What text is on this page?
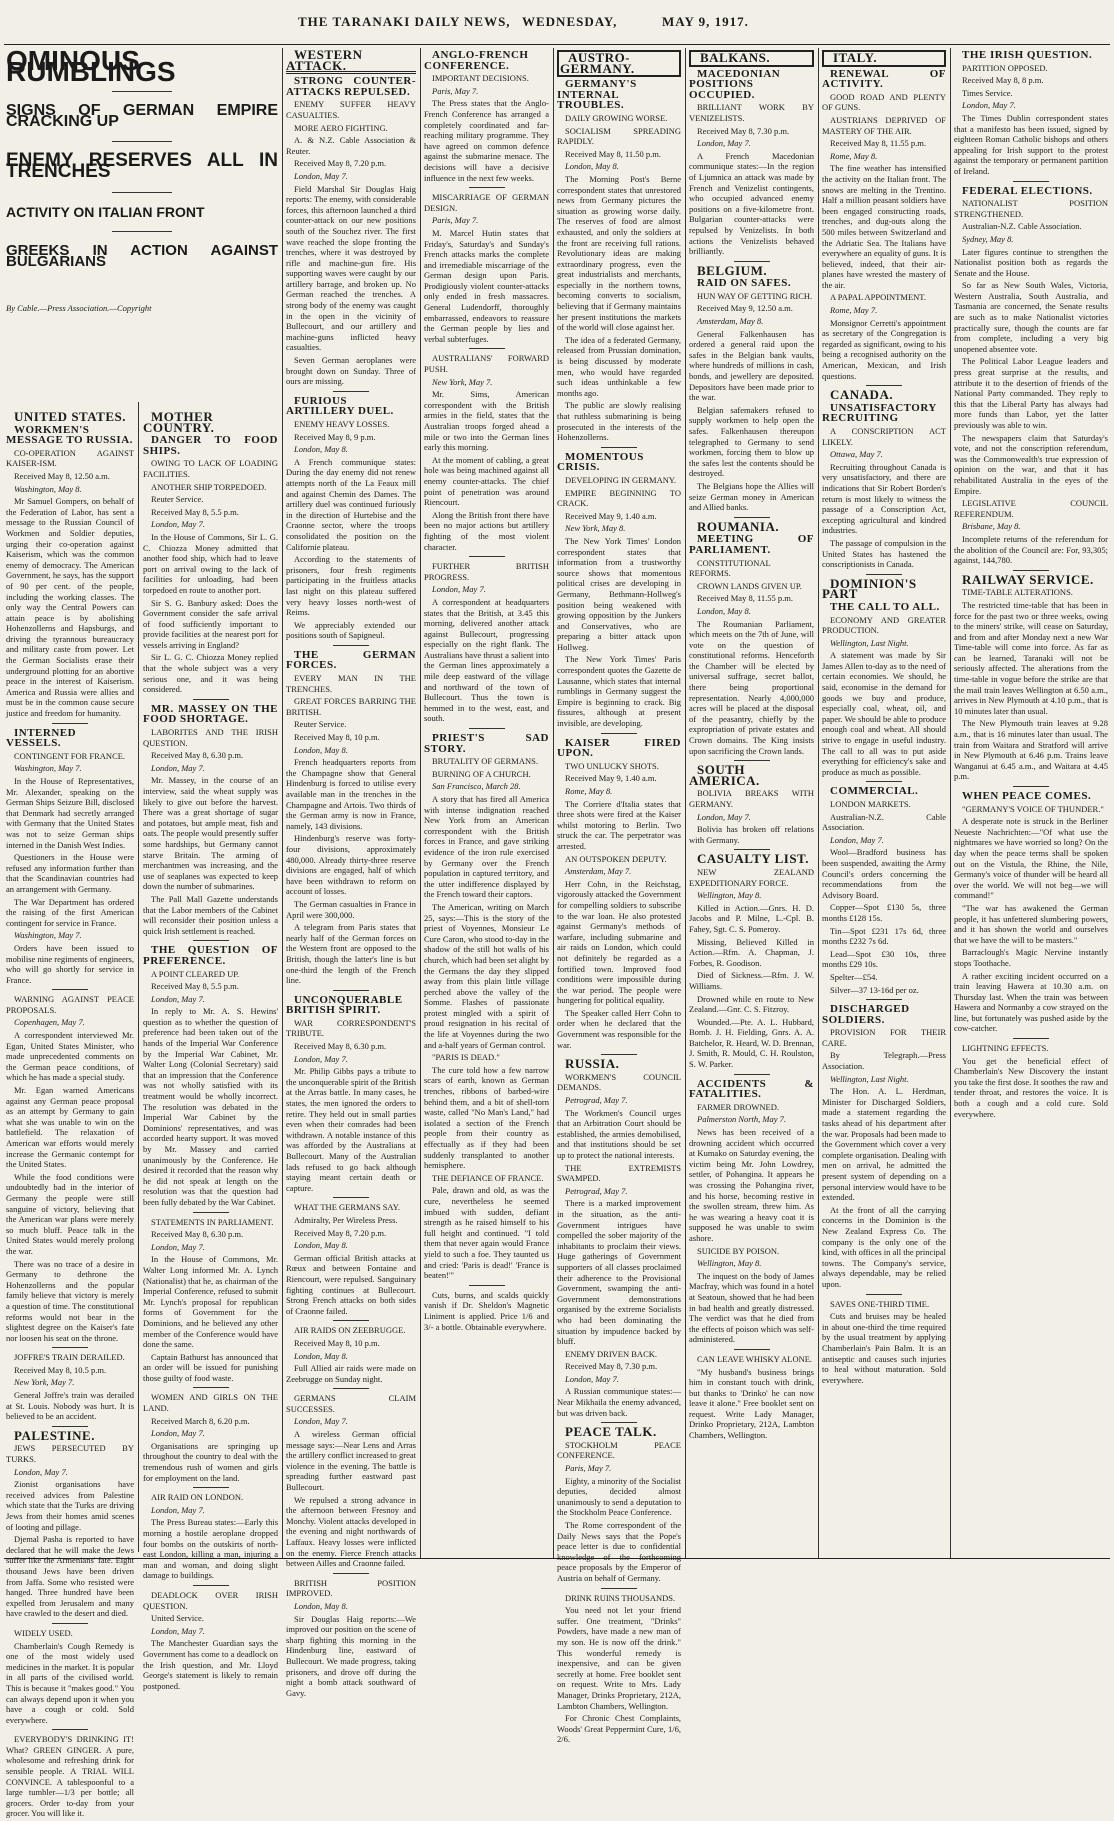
THE TARANAKI DAILY NEWS, WEDNESDAY,	MAY 9, 1917.

OMINOUS RUMBLINGS

SIGNS OF GERMAN EMPIRE CRACKING UP

ENEMY RESERVES ALL IN TRENCHES

ACTIVITY ON ITALIAN FRONT

GREEKS IN ACTION AGAINST BULGARIANS

By Cable.—Press Association.—Copyright

UNITED STATES.

WORKMEN'S MESSAGE TO RUSSIA.

CO-OPERATION AGAINST KAISER-ISM.

Received May 8, 12.50 a.m.

Washington, May 8.

Mr Samuel Gompers, on behalf of the Federation of Labor, has sent a message to the Russian Council of Workmen and Soldier deputies, urging their co-operation against Kaiserism, which was the common enemy of democracy. The American Government, he says, has the support of 90 per cent. of the people, including the working classes. The only way the Central Powers can attain peace is by abolishing Hohenzollerns and Hapsburgs, and driving the tyrannous bureaucracy and military caste from power. Let the German Socialists erase their underground plotting for an abortive peace in the interest of Kaiserism. America and Russia were allies and must be in the common cause secure justice and freedom for humanity.

INTERNED VESSELS.

CONTINGENT FOR FRANCE.

Washington, May 7.

In the House of Representatives, Mr. Alexander, speaking on the German Ships Seizure Bill, disclosed that Denmark had secretly arranged with Germany that the United States was not to seize German ships interned in the Danish West Indies.

Questioners in the House were refused any information further than that the Scandinavian countries had an arrangement with Germany.

The War Department has ordered the raising of the first American contingent for service in France.

Washington, May 7.

Orders have been issued to mobilise nine regiments of engineers, who will go shortly for service in France.

WARNING AGAINST PEACE PROPOSALS.

Copenhagen, May 7.

A correspondent interviewed Mr. Egan, United States Minister, who made unprecedented comments on the German peace conditions, of which he has made a special study.

Mr. Egan warned Americans against any German peace proposal as an attempt by Germany to gain what she was unable to win on the battlefield. The relaxation of American war efforts would merely increase the Germanic contempt for the United States.

While the food conditions were undoubtedly bad in the interior of Germany the people were still sanguine of victory, believing that the American war plans were merely so much bluff. Peace talk in the United States would merely prolong the war.

There was no trace of a desire in Germany to dethrone the Hohenzollerns and the popular family believe that victory is merely a question of time. The constitutional reforms would not bear in the slightest degree on the Kaiser's fate nor loosen his seat on the throne.

JOFFRE'S TRAIN DERAILED.

Received May 8, 10.5 p.m.

New York, May 7.

General Joffre's train was derailed at St. Louis. Nobody was hurt. It is believed to be an accident.

PALESTINE.

JEWS PERSECUTED BY TURKS.

London, May 7.

Zionist organisations have received advices from Palestine which state that the Turks are driving Jews from their homes amid scenes of looting and pillage.

Djemal Pasha is reported to have declared that he will make the Jews suffer like the Armenians' fate. Eight thousand Jews have been driven from Jaffa. Some who resisted were hanged. Three hundred have been expelled from Jerusalem and many have crawled to the desert and died.

WIDELY USED.

Chamberlain's Cough Remedy is one of the most widely used medicines in the market. It is popular in all parts of the civilised world. This is because it "makes good." You can always depend upon it when you have a cough or cold. Sold everywhere.

EVERYBODY'S DRINKING IT! What? GREEN GINGER. A pure, wholesome and refreshing drink for sensible people. A TRIAL WILL CONVINCE. A tablespoonful to a large tumbler—1/3 per bottle; all grocers. Order to-day from your grocer. You will like it.

MOTHER COUNTRY.

DANGER TO FOOD SHIPS.

OWING TO LACK OF LOADING FACILITIES.

ANOTHER SHIP TORPEDOED.

Reuter Service.

Received May 8, 5.5 p.m.

London, May 7.

In the House of Commons, Sir L. G. C. Chiozza Money admitted that another food ship, which had to leave port on arrival owing to the lack of facilities for unloading, had been torpedoed en route to another port.

Sir S. G. Banbury asked: Does the Government consider the safe arrival of food sufficiently important to provide facilities at the nearest port for vessels arriving in England?

Sir L. G. C. Chiozza Money replied that the whole subject was a very serious one, and it was being considered.

MR. MASSEY ON THE FOOD SHORTAGE.

LABORITES AND THE IRISH QUESTION.

Received May 8, 6.30 p.m.

London, May 7.

Mr. Massey, in the course of an interview, said the wheat supply was likely to give out before the harvest. There was a great shortage of sugar and potatoes, but ample meat, fish and oats. The people would presently suffer some hardships, but Germany cannot starve Britain. The arming of merchantmen was increasing, and the use of seaplanes was expected to keep down the number of submarines.

The Pall Mall Gazette understands that the Labor members of the Cabinet will reconsider their position unless a quick Irish settlement is reached.

THE QUESTION OF PREFERENCE.

A POINT CLEARED UP.

Received May 8, 5.5 p.m.

London, May 7.

In reply to Mr. A. S. Hewins' question as to whether the question of preference had been taken out of the hands of the Imperial War Conference by the Imperial War Cabinet, Mr. Walter Long (Colonial Secretary) said that an impression that the Conference was not wholly satisfied with its treatment would be wholly incorrect. The resolution was debated in the Imperial War Cabinet by the Dominions' representatives, and was accorded hearty support. It was moved by Mr. Massey and carried unanimously by the Conference. He desired it recorded that the reason why he did not speak at length on the resolution was that the question had been fully debated by the War Cabinet.

STATEMENTS IN PARLIAMENT.

Received May 8, 6.30 p.m.

London, May 7.

In the House of Commons, Mr. Walter Long informed Mr. A. Lynch (Nationalist) that he, as chairman of the Imperial Conference, refused to submit Mr. Lynch's proposal for republican forms of Government for the Dominions, and he believed any other member of the Conference would have done the same.

Captain Bathurst has announced that an order will be issued for punishing those guilty of food waste.

WOMEN AND GIRLS ON THE LAND.

Received March 8, 6.20 p.m.

London, May 7.

Organisations are springing up throughout the country to deal with the tremendous rush of women and girls for employment on the land.

AIR RAID ON LONDON.

London, May 7.

The Press Bureau states:—Early this morning a hostile aeroplane dropped four bombs on the outskirts of north-east London, killing a man, injuring a man and woman, and doing slight damage to buildings.

DEADLOCK OVER IRISH QUESTION.

United Service.

London, May 7.

The Manchester Guardian says the Government has come to a deadlock on the Irish question, and Mr. Lloyd George's statement is likely to remain postponed.

WESTERN ATTACK.

STRONG COUNTER-ATTACKS REPULSED.

ENEMY SUFFER HEAVY CASUALTIES.

MORE AERO FIGHTING.

A. & N.Z. Cable Association & Reuter.

Received May 8, 7.20 p.m.

London, May 7.

Field Marshal Sir Douglas Haig reports: The enemy, with considerable forces, this afternoon launched a third counter-attack on our new positions south of the Souchez river. The first wave reached the slope fronting the trenches, where it was destroyed by rifle and machine-gun fire. His supporting waves were caught by our artillery barrage, and broken up. No German reached the trenches. A strong body of the enemy was caught in the open in the vicinity of Bullecourt, and our artillery and machine-guns inflicted heavy casualties.

Seven German aeroplanes were brought down on Sunday. Three of ours are missing.

FURIOUS ARTILLERY DUEL.

ENEMY HEAVY LOSSES.

Received May 8, 9 p.m.

London, May 8.

A French communique states: During the day enemy did not renew attempts north of the La Feaux mill and against Chemin des Dames. The artillery duel was continued furiously in the direction of Hurtebise and the Craonne sector, where the troops consolidated the position on the Californie plateau.

According to the statements of prisoners, four fresh regiments participating in the fruitless attacks last night on this plateau suffered very heavy losses north-west of Reims.

We appreciably extended our positions south of Sapigneul.

THE GERMAN FORCES.

EVERY MAN IN THE TRENCHES.

GREAT FORCES BARRING THE BRITISH.

Reuter Service.

Received May 8, 10 p.m.

London, May 8.

French headquarters reports from the Champagne show that General Hindenburg is forced to utilise every available man in the trenches in the Champagne and Artois. Two thirds of the German army is now in France, namely, 143 divisions.

Hindenburg's reserve was forty-four divisions, approximately 480,000. Already thirty-three reserve divisions are engaged, half of which have been withdrawn to reform on account of losses.

The German casualties in France in April were 300,000.

A telegram from Paris states that nearly half of the German forces on the Western front are opposed to the British, though the latter's line is but one-third the length of the French line.

UNCONQUERABLE BRITISH SPIRIT.

WAR CORRESPONDENT'S TRIBUTE.

Received May 8, 6.30 p.m.

London, May 7.

Mr. Philip Gibbs pays a tribute to the unconquerable spirit of the British at the Arras battle. In many cases, he states, the men ignored the orders to retire. They held out in small parties even when their comrades had been withdrawn. A notable instance of this was afforded by the Australians at Bullecourt. Many of the Australian lads refused to go back although staying meant certain death or capture.

WHAT THE GERMANS SAY.

Admiralty, Per Wireless Press.

Received May 8, 7.20 p.m.

London, May 8.

German official British attacks at Rœux and between Fontaine and Riencourt, were repulsed. Sanguinary fighting continues at Bullecourt. Strong French attacks on both sides of Craonne failed.

AIR RAIDS ON ZEEBRUGGE.

Received May 8, 10 p.m.

London, May 8.

Full Allied air raids were made on Zeebrugge on Sunday night.

GERMANS CLAIM SUCCESSES.

London, May 7.

A wireless German official message says:—Near Lens and Arras the artillery conflict increased to great violence in the evening. The battle is spreading further eastward past Bullecourt.

We repulsed a strong advance in the afternoon between Fresnoy and Monchy. Violent attacks developed in the evening and night northwards of Laffaux. Heavy losses were inflicted on the enemy. Fierce French attacks between Ailles and Craonne failed.

BRITISH POSITION IMPROVED.

London, May 8.

Sir Douglas Haig reports:—We improved our position on the scene of sharp fighting this morning in the Hindenburg line, eastward of Bullecourt. We made progress, taking prisoners, and drove off during the night a bomb attack southward of Gavy.

ANGLO-FRENCH CONFERENCE.

IMPORTANT DECISIONS.

Paris, May 7.

The Press states that the Anglo-French Conference has arranged a completely coordinated and far-reaching military programme. They have agreed on common defence against the submarine menace. The decisions will have a decisive influence in the next few weeks.

MISCARRIAGE OF GERMAN DESIGN.

Paris, May 7.

M. Marcel Hutin states that Friday's, Saturday's and Sunday's French attacks marks the complete and irremediable miscarriage of the German design upon Paris. Prodigiously violent counter-attacks only ended in fresh massacres. General Ludendorff, thoroughly embarrassed, endeavors to reassure the German people by lies and verbal subterfuges.

AUSTRALIANS' FORWARD PUSH.

New York, May 7.

Mr. Sims, American correspondent with the British armies in the field, states that the Australian troops forged ahead a mile or two into the German lines early this morning.

At the moment of cabling, a great hole was being machined against all enemy counter-attacks. The chief point of penetration was around Riencourt.

Along the British front there have been no major actions but artillery fighting of the most violent character.

FURTHER BRITISH PROGRESS.

London, May 7.

A correspondent at headquarters states that the British, at 3.45 this morning, delivered another attack against Bullecourt, progressing especially on the right flank. The Australians have thrust a salient into the German lines approximately a mile deep eastward of the village and northward of the town of Bullecourt. Thus the town is hemmed in to the west, east, and south.

PRIEST'S SAD STORY.

BRUTALITY OF GERMANS.

BURNING OF A CHURCH.

San Francisco, March 28.

A story that has fired all America with intense indignation reached New York from an American correspondent with the British forces in France, and gave striking evidence of the iron rule exercised by Germany over the French population in captured territory, and the utter indifference displayed by the French toward their captors.

The American, writing on March 25, says:—This is the story of the priest of Voyennes, Monsieur Le Cure Caron, who stood to-day in the shadow of the still hot walls of his church, which had been set alight by the Germans the day they slipped away from this plain little village perched above the valley of the Somme. Flashes of passionate protest mingled with a spirit of proud resignation in his recital of the life at Voyennes during the two and a-half years of German control.

"PARIS IS DEAD."

The cure told how a few narrow scars of earth, known as German trenches, ribbons of barbed-wire behind them, and a bit of shell-torn waste, called "No Man's Land," had isolated a section of the French people from their country as effectually as if they had been suddenly transplanted to another hemisphere.

THE DEFIANCE OF FRANCE.

Pale, drawn and old, as was the cure, nevertheless he seemed imbued with sudden, defiant strength as he raised himself to his full height and continued. "I told them that never again would France yield to such a foe. They taunted us and cried: 'Paris is dead!' 'France is beaten!'"

Cuts, burns, and scalds quickly vanish if Dr. Sheldon's Magnetic Liniment is applied. Price 1/6 and 3/- a bottle. Obtainable everywhere.

AUSTRO-GERMANY.

GERMANY'S INTERNAL TROUBLES.

DAILY GROWING WORSE.

SOCIALISM SPREADING RAPIDLY.

Received May 8, 11.50 p.m.

London, May 8.

The Morning Post's Berne correspondent states that unrestored news from Germany pictures the situation as growing worse daily. The reserves of food are almost exhausted, and only the soldiers at the front are receiving full rations. Revolutionary ideas are making extraordinary progress, even the great industrialists and merchants, especially in the northern towns, becoming converts to socialism, believing that if Germany maintains her present institutions the markets of the world will close against her.

The idea of a federated Germany, released from Prussian domination, is being discussed by moderate men, who would have regarded such ideas unthinkable a few months ago.

The public are slowly realising that ruthless submarining is being prosecuted in the interests of the Hohenzollerns.

MOMENTOUS CRISIS.

DEVELOPING IN GERMANY.

EMPIRE BEGINNING TO CRACK.

Received May 9, 1.40 a.m.

New York, May 8.

The New York Times' London correspondent states that information from a trustworthy source shows that momentous political crises are developing in Germany, Bethmann-Hollweg's position being weakened with growing opposition by the Junkers and Conservatives, who are preparing a bitter attack upon Hollweg.

The New York Times' Paris correspondent quotes the Gazette de Lausanne, which states that internal rumblings in Germany suggest the Empire is beginning to crack. Big fissures, although at present invisible, are developing.

KAISER FIRED UPON.

TWO UNLUCKY SHOTS.

Received May 9, 1.40 a.m.

Rome, May 8.

The Corriere d'Italia states that three shots were fired at the Kaiser whilst motoring to Berlin. Two struck the car. The perpetrator was arrested.

AN OUTSPOKEN DEPUTY.

Amsterdam, May 7.

Herr Cohn, in the Reichstag, vigorously attacked the Government for compelling soldiers to subscribe to the war loan. He also protested against Germany's methods of warfare, including submarine and air raids on London, which could not definitely be regarded as a fortified town. Improved food conditions were impossible during the war period. The people were hungering for political equality.

The Speaker called Herr Cohn to order when he declared that the Government was responsible for the war.

RUSSIA.

WORKMEN'S COUNCIL DEMANDS.

Petrograd, May 7.

The Workmen's Council urges that an Arbitration Court should be established, the armies demobilised, and that institutions should be set up to protect the national interests.

THE EXTREMISTS SWAMPED.

Petrograd, May 7.

There is a marked improvement in the situation, as the anti-Government intrigues have compelled the sober majority of the inhabitants to proclaim their views. Huge gatherings of Government supporters of all classes proclaimed their adherence to the Provisional Government, swamping the anti-Government demonstrations organised by the extreme Socialists who had been dominating the situation by impudence backed by bluff.

ENEMY DRIVEN BACK.

Received May 8, 7.30 p.m.

London, May 7.

A Russian communique states:—Near Mikhaila the enemy advanced, but was driven back.

PEACE TALK.

STOCKHOLM PEACE CONFERENCE.

Paris, May 7.

Eighty, a minority of the Socialist deputies, decided almost unanimously to send a deputation to the Stockholm Peace Conference.

The Rome correspondent of the Daily News says that the Pope's peace letter is due to confidential knowledge of the forthcoming peace proposals by the Emperor of Austria on behalf of Germany.

DRINK RUINS THOUSANDS.

You need not let your friend suffer. One treatment, "Drinks" Powders, have made a new man of my son. He is now off the drink." This wonderful remedy is inexpensive, and can be given secretly at home. Free booklet sent on request. Write to Mrs. Lady Manager, Drinks Proprietary, 212A, Lambton Chambers, Wellington.

For Chronic Chest Complaints, Woods' Great Peppermint Cure, 1/6, 2/6.

BALKANS.

MACEDONIAN POSITIONS OCCUPIED.

BRILLIANT WORK BY VENIZELISTS.

Received May 8, 7.30 p.m.

London, May 7.

A French Macedonian communique states:—In the region of Ljumnica an attack was made by French and Venizelist contingents, who occupied advanced enemy positions on a five-kilometre front. Bulgarian counter-attacks were repulsed by Venizelists. In both actions the Venizelists behaved brilliantly.

BELGIUM.

RAID ON SAFES.

HUN WAY OF GETTING RICH.

Received May 9, 12.50 a.m.

Amsterdam, May 8.

General Falkenhausen has ordered a general raid upon the safes in the Belgian bank vaults, where hundreds of millions in cash, bonds, and jewellery are deposited. Depositors have been made prior to the war.

Belgian safemakers refused to supply workmen to help open the safes. Falkenhausen thereupon telegraphed to Germany to send workmen, forcing them to blow up the safes lest the contents should be destroyed.

The Belgians hope the Allies will seize German money in American and Allied banks.

ROUMANIA.

MEETING OF PARLIAMENT.

CONSTITUTIONAL REFORMS.

CROWN LANDS GIVEN UP.

Received May 8, 11.55 p.m.

London, May 8.

The Roumanian Parliament, which meets on the 7th of June, will vote on the question of constitutional reforms. Henceforth the Chamber will be elected by universal suffrage, secret ballot, there being proportional representation. Nearly 4,000,000 acres will be placed at the disposal of the peasantry, chiefly by the expropriation of private estates and Crown domains. The King insists upon sacrificing the Crown lands.

SOUTH AMERICA.

BOLIVIA BREAKS WITH GERMANY.

London, May 7.

Bolivia has broken off relations with Germany.

CASUALTY LIST.

NEW ZEALAND EXPEDITIONARY FORCE.

Wellington, May 8.

Killed in Action.—Gnrs. H. D. Jacobs and P. Milne, L.-Cpl. B. Fahey, Sgt. C. S. Pomeroy.

Missing, Believed Killed in Action.—Rfm. A. Chapman, J. Forbes, R. Goodison.

Died of Sickness.—Rfm. J. W. Williams.

Drowned while en route to New Zealand.—Gnr. C. S. Fitzroy.

Wounded.—Pte. A. L. Hubbard, Bomb. J. H. Fielding, Gnrs. A. A. Batchelor, R. Heard, W. D. Brennan, J. Smith, R. Mould, C. H. Roulston, S. W. Parker.

ACCIDENTS & FATALITIES.

FARMER DROWNED.

Palmerston North, May 7.

News has been received of a drowning accident which occurred at Kumako on Saturday evening, the victim being Mr. John Lowdrey, settler, of Pohangina. It appears he was crossing the Pohangina river, and his horse, becoming restive in the swollen stream, threw him. As he was wearing a heavy coat it is supposed he was unable to swim ashore.

SUICIDE BY POISON.

Wellington, May 8.

The inquest on the body of James Macfray, which was found in a hotel at Seatoun, showed that he had been in bad health and greatly distressed. The verdict was that he died from the effects of poison which was self-administered.

CAN LEAVE WHISKY ALONE.

"My husband's business brings him in constant touch with drink, but thanks to 'Drinko' he can now leave it alone." Free booklet sent on request. Write Lady Manager, Drinko Proprietary, 212A, Lambton Chambers, Wellington.

ITALY.

RENEWAL OF ACTIVITY.

GOOD ROAD AND PLENTY OF GUNS.

AUSTRIANS DEPRIVED OF MASTERY OF THE AIR.

Received May 8, 11.55 p.m.

Rome, May 8.

The fine weather has intensified the activity on the Italian front. The snows are melting in the Trentino. Half a million peasant soldiers have been engaged constructing roads, trenches, and dug-outs along the 500 miles between Switzerland and the Adriatic Sea. The Italians have everywhere an equality of guns. It is believed, indeed, that their air-planes have wrested the mastery of the air.

A PAPAL APPOINTMENT.

Rome, May 7.

Monsignor Cerretti's appointment as secretary of the Congregation is regarded as significant, owing to his being a recognised authority on the American, Mexican, and Irish questions.

CANADA.

UNSATISFACTORY RECRUITING

A CONSCRIPTION ACT LIKELY.

Ottawa, May 7.

Recruiting throughout Canada is very unsatisfactory, and there are indications that Sir Robert Borden's return is most likely to witness the passage of a Conscription Act, excepting agricultural and kindred industries.

The passage of compulsion in the United States has hastened the conscriptionists in Canada.

DOMINION'S PART

THE CALL TO ALL.

ECONOMY AND GREATER PRODUCTION.

Wellington, Last Night.

A statement was made by Sir James Allen to-day as to the need of certain economies. We should, he said, economise in the demand for goods we buy and produce, especially coal, wheat, oil, and paper. We should be able to produce enough coal and wheat. All should strive to engage in useful industry. The call to all was to put aside everything for efficiency's sake and produce as much as possible.

COMMERCIAL.

LONDON MARKETS.

Australian-N.Z. Cable Association.

London, May 7.

Wool—Bradford business has been suspended, awaiting the Army Council's orders concerning the recommendations from the Advisory Board.

Copper—Spot £130 5s, three months £128 15s.

Tin—Spot £231 17s 6d, three months £232 7s 6d.

Lead—Spot £30 10s, three months £29 10s.

Spelter—£54.

Silver—37 13-16d per oz.

DISCHARGED SOLDIERS.

PROVISION FOR THEIR CARE.

By Telegraph.—Press Association.

Wellington, Last Night.

The Hon. A. L. Herdman, Minister for Discharged Soldiers, made a statement regarding the tasks ahead of his department after the war. Proposals had been made to the Government which cover a very complete organisation. Dealing with men on arrival, he admitted the present system of depending on a personal interview would have to be extended.

At the front of all the carrying concerns in the Dominion is the New Zealand Express Co. The company is the only one of the kind, with offices in all the principal towns. The Company's service, always dependable, may be relied upon.

SAVES ONE-THIRD TIME.

Cuts and bruises may be healed in about one-third the time required by the usual treatment by applying Chamberlain's Pain Balm. It is an antiseptic and causes such injuries to heal without maturation. Sold everywhere.

THE IRISH QUESTION.

PARTITION OPPOSED.

Received May 8, 8 p.m.

Times Service.

London, May 7.

The Times Dublin correspondent states that a manifesto has been issued, signed by eighteen Roman Catholic bishops and others appealing for Irish support to the protest against the temporary or permanent partition of Ireland.

FEDERAL ELECTIONS.

NATIONALIST POSITION STRENGTHENED.

Australian-N.Z. Cable Association.

Sydney, May 8.

Later figures continue to strengthen the Nationalist position both as regards the Senate and the House.

So far as New South Wales, Victoria, Western Australia, South Australia, and Tasmania are concerned, the Senate results are such as to make Nationalist victories practically sure, though the counts are far from complete, including a very big unopened absentee vote.

The Political Labor League leaders and press great surprise at the results, and attribute it to the desertion of friends of the National Party commanded. They reply to this that the Liberal Party has always had more funds than Labor, yet the latter previously was able to win.

The newspapers claim that Saturday's vote, and not the conscription referendum, was the Commonwealth's true expression of opinion on the war, and that it has rehabilitated Australia in the eyes of the Empire.

LEGISLATIVE COUNCIL REFERENDUM.

Brisbane, May 8.

Incomplete returns of the referendum for the abolition of the Council are: For, 93,305; against, 144,780.

RAILWAY SERVICE.

TIME-TABLE ALTERATIONS.

The restricted time-table that has been in force for the past two or three weeks, owing to the miners' strike, will cease on Saturday, and from and after Monday next a new War Time-table will come into force. As far as can be learned, Taranaki will not be seriously affected. The alterations from the time-table in vogue before the strike are that the mail train leaves Wellington at 6.50 a.m., arrives in New Plymouth at 4.10 p.m., that is 10 minutes later than usual.

The New Plymouth train leaves at 9.28 a.m., that is 16 minutes later than usual. The train from Waitara and Stratford will arrive in New Plymouth at 6.46 p.m. Trains leave Wanganui at 6.45 a.m., and Waitara at 4.45 p.m.

WHEN PEACE COMES.

"GERMANY'S VOICE OF THUNDER."

A desperate note is struck in the Berliner Neueste Nachrichten:—"Of what use the nightmares we have worried so long? On the day when the peace terms shall be spoken out on the Vistula, the Rhine, the Nile, Germany's voice of thunder will be heard all over the world. We will not beg—we will command!"

"The war has awakened the German people, it has unfettered slumbering powers, and it has shown the world and ourselves that we have the will to be masters."

Barraclough's Magic Nervine instantly stops Toothache.

A rather exciting incident occurred on a train leaving Hawera at 10.30 a.m. on Thursday last. When the train was between Hawera and Normanby a cow strayed on the line, but fortunately was pushed aside by the cow-catcher.

LIGHTNING EFFECTS.

You get the beneficial effect of Chamberlain's New Discovery the instant you take the first dose. It soothes the raw and tender throat, and restores the voice. It is both a cough and a cold cure. Sold everywhere.
